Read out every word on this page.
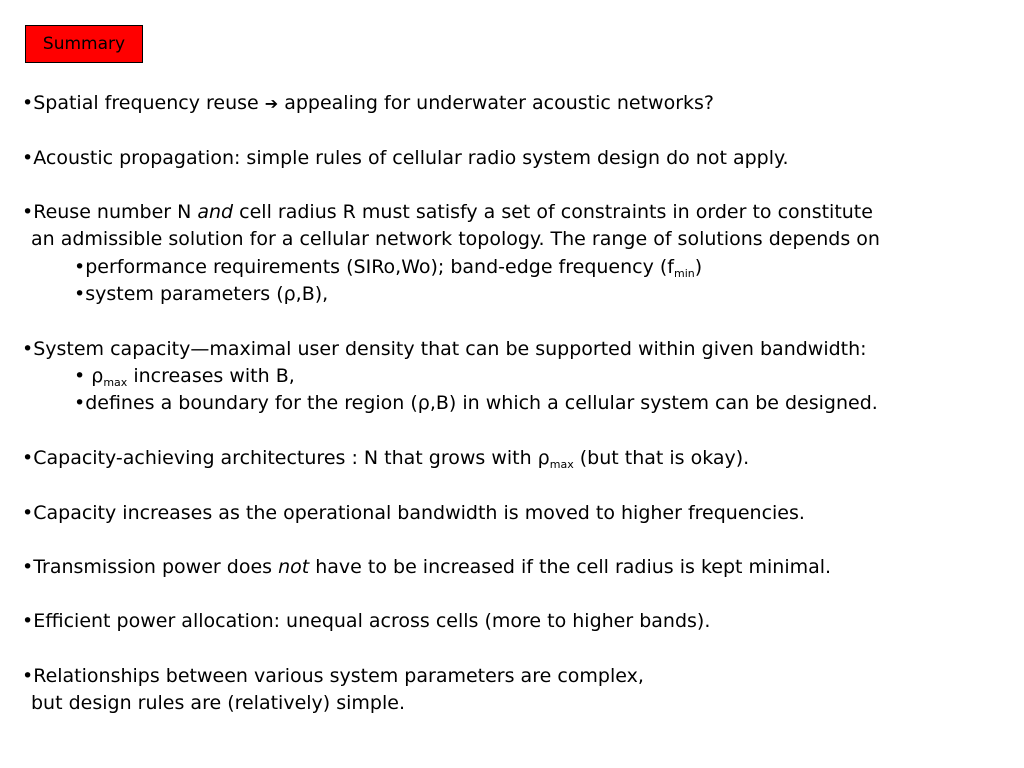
Summary
•Spatial frequency reuse ➔ appealing for underwater acoustic networks?
•Acoustic propagation: simple rules of cellular radio system design do not apply.
•Reuse number N and cell radius R must satisfy a set of constraints in order to constitute
an admissible solution for a cellular network topology. The range of solutions depends on
•performance requirements (SIRo,Wo); band-edge frequency $(f_{min})$
•system parameters (ρ,B),
•System capacity—maximal user density that can be supported within given bandwidth:
• $\rho_{max}$ increases with B,
•defines a boundary for the region (ρ,B) in which a cellular system can be designed.
•Capacity-achieving architectures : N that grows with $\rho_{max}$ (but that is okay).
•Capacity increases as the operational bandwidth is moved to higher frequencies.
•Transmission power does not have to be increased if the cell radius is kept minimal.
•Efficient power allocation: unequal across cells (more to higher bands).
•Relationships between various system parameters are complex,
but design rules are (relatively) simple.
